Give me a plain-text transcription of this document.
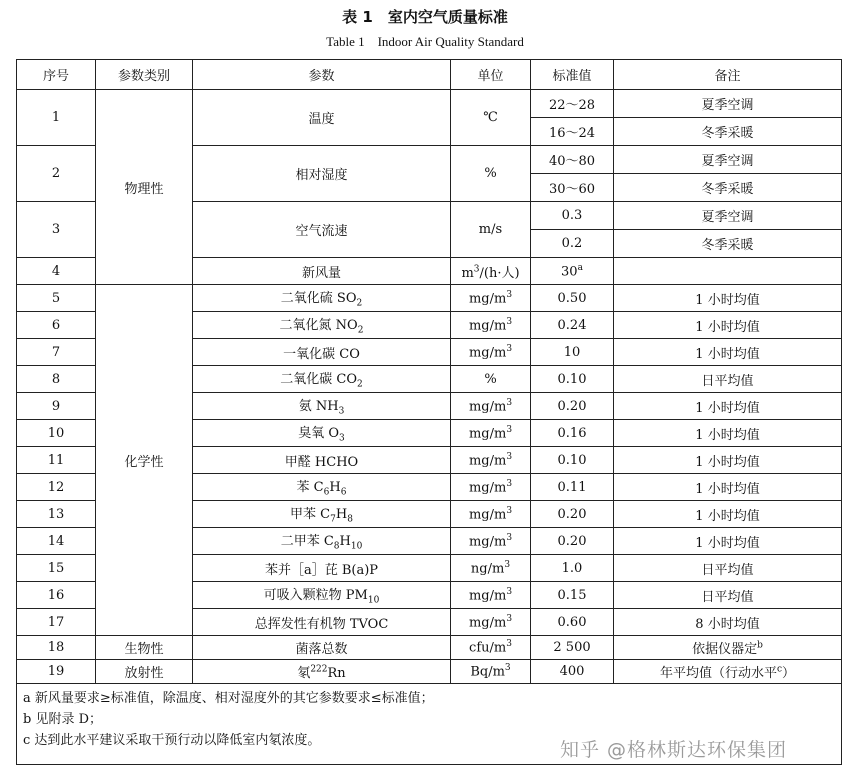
表 1　室内空气质量标准
Table 1　Indoor Air Quality Standard
序号	参数类别	参数	单位	标准值	备注
1	物理性	温度	℃	22～28	夏季空调
				16～24	冬季采暖
2		相对湿度	%	40～80	夏季空调
				30～60	冬季采暖
3		空气流速	m/s	0.3	夏季空调
				0.2	冬季采暖
4		新风量	$m^3/(h\cdot$人)	30$^a$	
5	化学性	二氧化硫 $SO_2$	$mg/m^3$	0.50	1 小时均值
6		二氧化氮 $NO_2$	$mg/m^3$	0.24	1 小时均值
7		一氧化碳 CO	$mg/m^3$	10	1 小时均值
8		二氧化碳 $CO_2$	%	0.10	日平均值
9		氨 $NH_3$	$mg/m^3$	0.20	1 小时均值
10		臭氧 $O_3$	$mg/m^3$	0.16	1 小时均值
11		甲醛 HCHO	$mg/m^3$	0.10	1 小时均值
12		苯 $C_6H_6$	$mg/m^3$	0.11	1 小时均值
13		甲苯 $C_7H_8$	$mg/m^3$	0.20	1 小时均值
14		二甲苯 $C_8H_{10}$	$mg/m^3$	0.20	1 小时均值
15		苯并［a］芘 B(a)P	$ng/m^3$	1.0	日平均值
16		可吸入颗粒物 $PM_{10}$	$mg/m^3$	0.15	日平均值
17		总挥发性有机物 TVOC	$mg/m^3$	0.60	8 小时均值
18	生物性	菌落总数	cfu/$m^3$	2 500	依据仪器定$^b$
19	放射性	氡$^{222}$Rn	$Bq/m^3$	400	年平均值（行动水平$^c$）

a 新风量要求≥标准值，除温度、相对湿度外的其它参数要求≤标准值；
b 见附录 D；
c 达到此水平建议采取干预行动以降低室内氡浓度。						知乎 @格林斯达环保集团
